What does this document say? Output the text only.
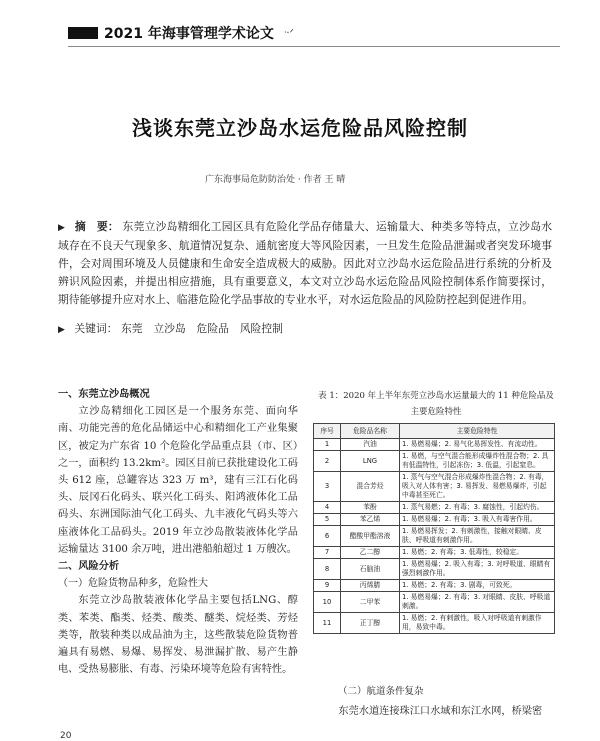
2021 年海事管理学术论文 ᐧ·ᐟ
浅谈东莞立沙岛水运危险品风险控制
广东海事局危防防治处 · 作者 王 晴
▶ 摘　要： 东莞立沙岛精细化工园区具有危险化学品存储量大、运输量大、种类多等特点，立沙岛水域存在不良天气现象多、航道情况复杂、通航密度大等风险因素，一旦发生危险品泄漏或者突发环境事件，会对周围环境及人员健康和生命安全造成极大的威胁。因此对立沙岛水运危险品进行系统的分析及辨识风险因素，并提出相应措施，具有重要意义，本文对立沙岛水运危险品风险控制体系作简要探讨，期待能够提升应对水上、临港危险化学品事故的专业水平，对水运危险品的风险防控起到促进作用。
▶ 关键词： 东莞　立沙岛　危险品　风险控制
一、东莞立沙岛概况

立沙岛精细化工园区是一个服务东莞、面向华南、功能完善的危化品储运中心和精细化工产业集聚区，被定为广东省 10 个危险化学品重点县（市、区）之一，面积约 13.2km²。园区目前已获批建设化工码头 612 座，总罐容达 323 万 m³，建有三江石化码头、辰冈石化码头、联兴化工码头、阳鸿液体化工品码头、东洲国际油气化工码头、九丰液化气码头等六座液体化工品码头。2019 年立沙岛散装液体化学品运输量达 3100 余万吨，进出港船舶超过 1 万艘次。

二、风险分析
（一）危险货物品种多，危险性大

东莞立沙岛散装液体化学品主要包括LNG、醇类、苯类、酯类、烃类、酸类、醚类、烷烃类、芳烃类等，散装种类以成品油为主，这些散装危险货物普遍具有易燃、易爆、易挥发、易泄漏扩散、易产生静电、受热易膨胀、有毒、污染环境等危险有害特性。

表 1：2020 年上半年东莞立沙岛水运量最大的 11 种危险品及主要危险特性
序号	危险品名称	主要危险特性
1	汽油	1. 易燃易爆；2. 易气化易挥发性、有流动性。
2	LNG	1. 易燃，与空气混合能形成爆炸性混合物；2. 具有低温特性，引起冻伤；3. 低温，引起窒息。
3	混合芳烃	1. 蒸气与空气混合形成爆炸性混合物；2. 有毒，吸入对人体有害；3. 易挥发、易燃易爆炸，引起中毒甚至死亡。
4	苯酚	1. 蒸气易燃；2. 有毒；3. 腐蚀性，引起灼伤。
5	苯乙烯	1. 易燃易爆；2. 有毒；3. 吸入有毒害作用。
6	醋酸甲酯溶液	1. 易燃易挥发；2. 有刺激性，接触对眼睛、皮肤、呼吸道有刺激作用。
7	乙二醇	1. 易燃；2. 有毒；3. 低毒性，较稳定。
8	石脑油	1. 易燃易爆；2. 吸入有毒；3. 对呼吸道、眼睛有强烈刺激作用。
9	丙烯腈	1. 易燃；2. 有毒；3. 剧毒，可致死。
10	二甲苯	1. 易燃易爆；2. 有毒；3. 对眼睛、皮肤、呼吸道刺激。
11	正丁醇	1. 易燃；2. 有刺激性，吸入对呼吸道有刺激作用，易致中毒。
（二）航道条件复杂
东莞水道连接珠江口水域和东江水网，桥梁密
20
